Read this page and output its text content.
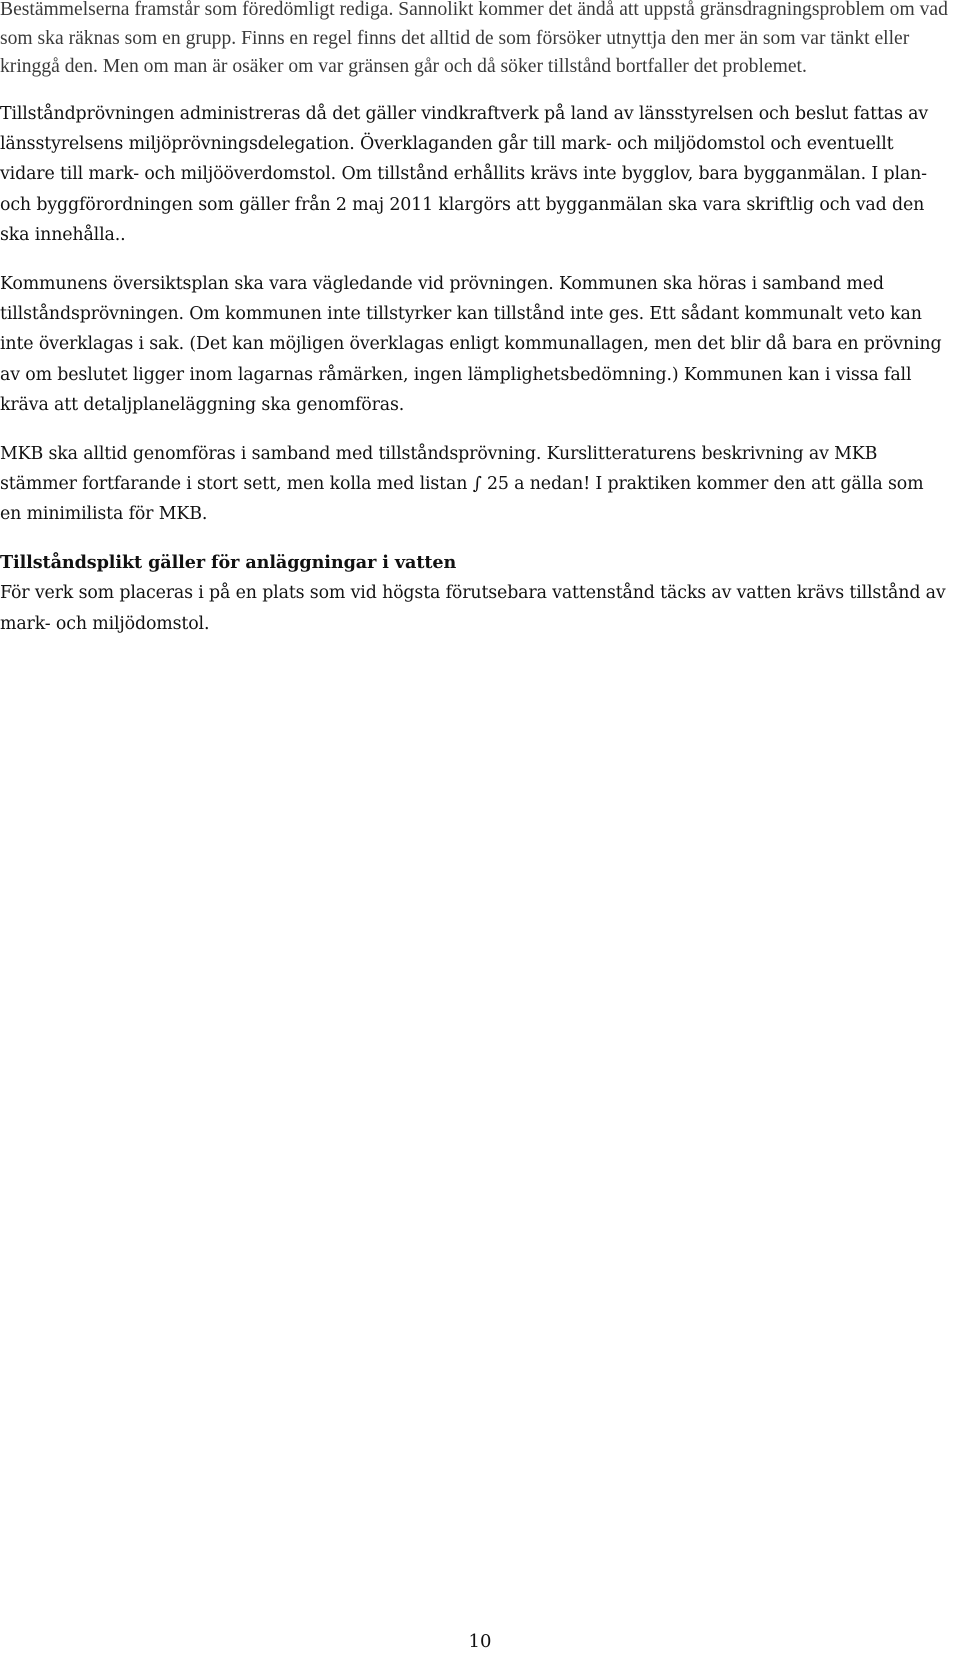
Bestämmelserna framstår som föredömligt rediga. Sannolikt kommer det ändå att uppstå gränsdragningsproblem om vad som ska räknas som en grupp. Finns en regel finns det alltid de som försöker utnyttja den mer än som var tänkt eller kringgå den. Men om man är osäker om var gränsen går och då söker tillstånd bortfaller det problemet.

Tillståndprövningen administreras då det gäller vindkraftverk på land av länsstyrelsen och beslut fattas av länsstyrelsens miljöprövningsdelegation. Överklaganden går till mark- och miljödomstol och eventuellt vidare till mark- och miljööverdomstol. Om tillstånd erhållits krävs inte bygglov, bara bygganmälan. I plan- och byggförordningen som gäller från 2 maj 2011 klargörs att bygganmälan ska vara skriftlig och vad den ska innehålla..

Kommunens översiktsplan ska vara vägledande vid prövningen. Kommunen ska höras i samband med tillståndsprövningen. Om kommunen inte tillstyrker kan tillstånd inte ges. Ett sådant kommunalt veto kan inte överklagas i sak. (Det kan möjligen överklagas enligt kommunallagen, men det blir då bara en prövning av om beslutet ligger inom lagarnas råmärken, ingen lämplighetsbedömning.) Kommunen kan i vissa fall kräva att detaljplaneläggning ska genomföras.

MKB ska alltid genomföras i samband med tillståndsprövning. Kurslitteraturens beskrivning av MKB stämmer fortfarande i stort sett, men kolla med listan ∫ 25 a nedan! I praktiken kommer den att gälla som en minimilista för MKB.

Tillståndsplikt gäller för anläggningar i vatten

För verk som placeras i på en plats som vid högsta förutsebara vattenstånd täcks av vatten krävs tillstånd av mark- och miljödomstol.

10
